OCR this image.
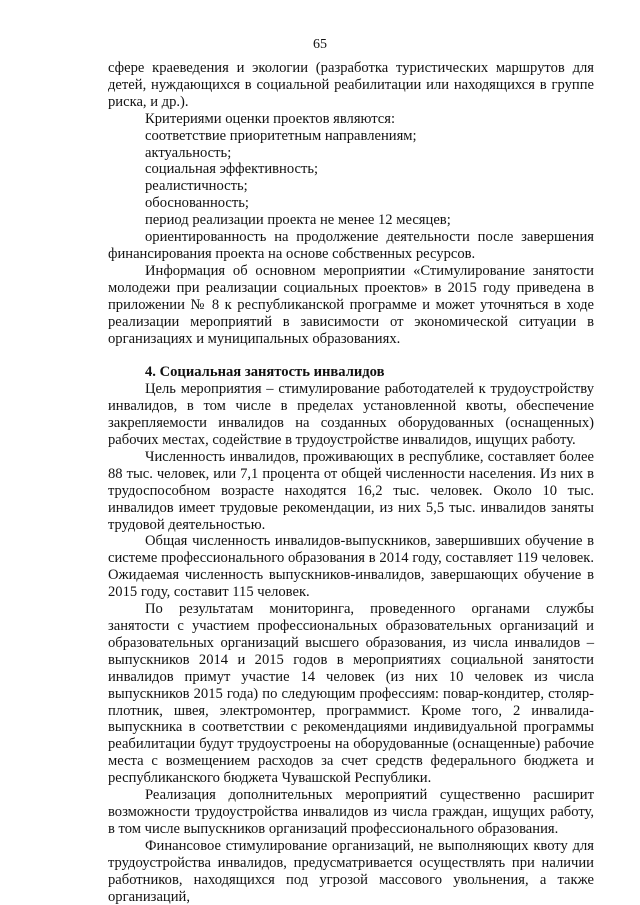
65

сфере краеведения и экологии (разработка туристических маршрутов для детей, нуждающихся в социальной реабилитации или находящихся в группе риска, и др.).

Критериями оценки проектов являются:

соответствие приоритетным направлениям;
актуальность;
социальная эффективность;
реалистичность;
обоснованность;
период реализации проекта не менее 12 месяцев;
ориентированность на продолжение деятельности после завершения финансирования проекта на основе собственных ресурсов.

Информация об основном мероприятии «Стимулирование занятости молодежи при реализации социальных проектов» в 2015 году приведена в приложении № 8 к республиканской программе и может уточняться в ходе реализации мероприятий в зависимости от экономической ситуации в организациях и муниципальных образованиях.

4. Социальная занятость инвалидов

Цель мероприятия – стимулирование работодателей к трудоустройству инвалидов, в том числе в пределах установленной квоты, обеспечение закрепляемости инвалидов на созданных оборудованных (оснащенных) рабочих местах, содействие в трудоустройстве инвалидов, ищущих работу.

Численность инвалидов, проживающих в республике, составляет более 88 тыс. человек, или 7,1 процента от общей численности населения. Из них в трудоспособном возрасте находятся 16,2 тыс. человек. Около 10 тыс. инвалидов имеет трудовые рекомендации, из них 5,5 тыс. инвалидов заняты трудовой деятельностью.

Общая численность инвалидов-выпускников, завершивших обучение в системе профессионального образования в 2014 году, составляет 119 человек. Ожидаемая численность выпускников-инвалидов, завершающих обучение в 2015 году, составит 115 человек.

По результатам мониторинга, проведенного органами службы занятости с участием профессиональных образовательных организаций и образовательных организаций высшего образования, из числа инвалидов – выпускников 2014 и 2015 годов в мероприятиях социальной занятости инвалидов примут участие 14 человек (из них 10 человек из числа выпускников 2015 года) по следующим профессиям: повар-кондитер, столяр-плотник, швея, электромонтер, программист. Кроме того, 2 инвалида-выпускника в соответствии с рекомендациями индивидуальной программы реабилитации будут трудоустроены на оборудованные (оснащенные) рабочие места с возмещением расходов за счет средств федерального бюджета и республиканского бюджета Чувашской Республики.

Реализация дополнительных мероприятий существенно расширит возможности трудоустройства инвалидов из числа граждан, ищущих работу, в том числе выпускников организаций профессионального образования.

Финансовое стимулирование организаций, не выполняющих квоту для трудоустройства инвалидов, предусматривается осуществлять при наличии работников, находящихся под угрозой массового увольнения, а также организаций,
